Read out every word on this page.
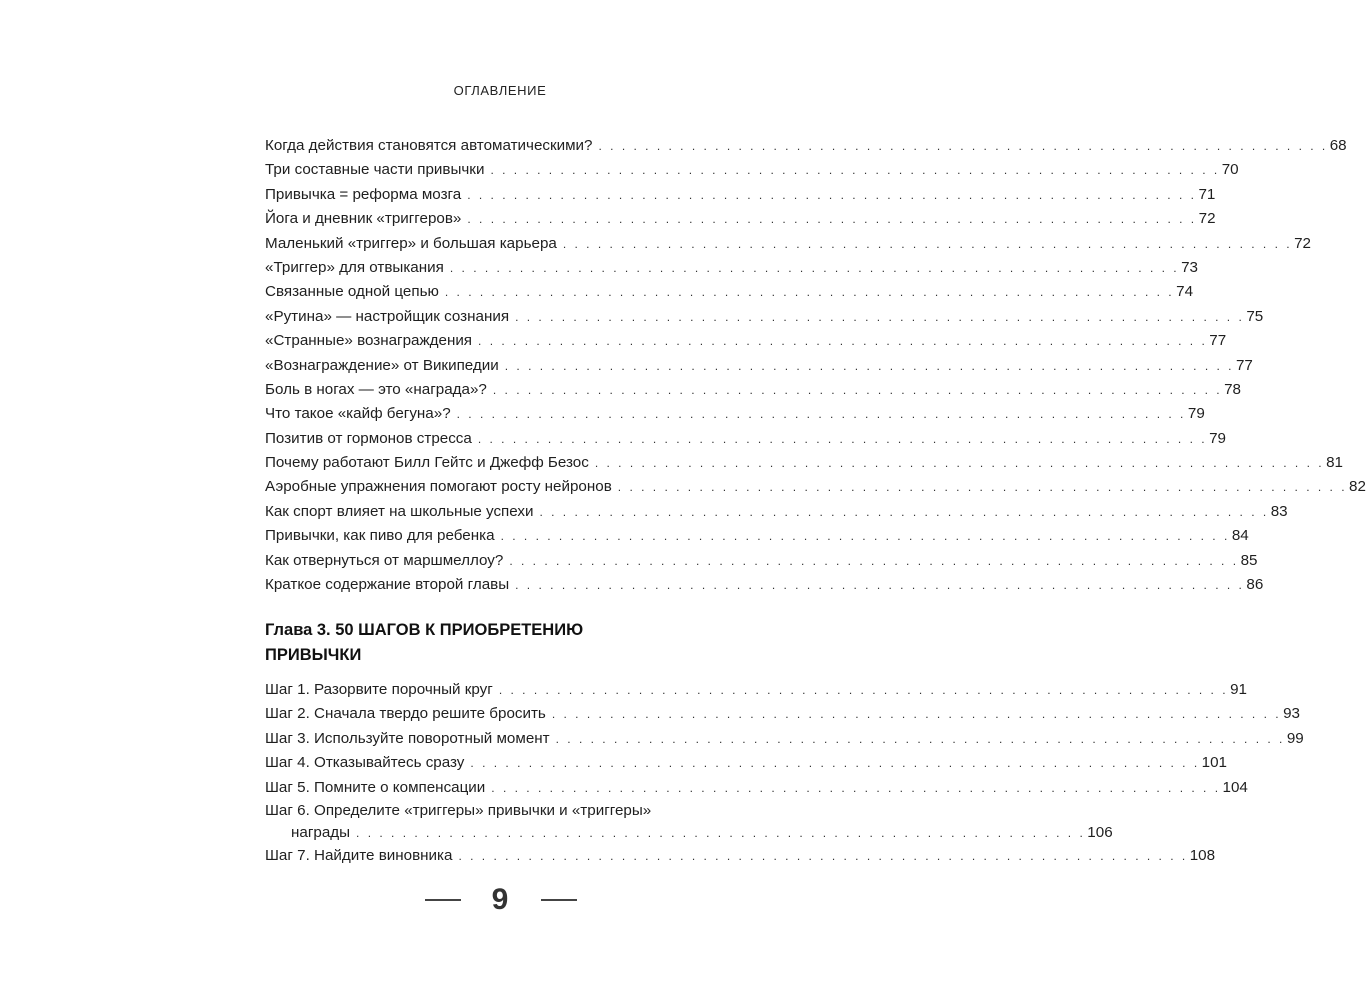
ОГЛАВЛЕНИЕ
Когда действия становятся автоматическими? . . . . . . . . . . . . . . . . . . . . . . . . . . . . . . . . . . . . . . . . . . . . . . . . . . . . . . . . . . . . . . . 68
Три составные части привычки . . . . . . . . . . . . . . . . . . . . . . . . . . . . . . . . . . . . . . . . . . . . . . . . . . . . . . . . . . . . . . . 70
Привычка = реформа мозга . . . . . . . . . . . . . . . . . . . . . . . . . . . . . . . . . . . . . . . . . . . . . . . . . . . . . . . . . . . . . . . 71
Йога и дневник «триггеров» . . . . . . . . . . . . . . . . . . . . . . . . . . . . . . . . . . . . . . . . . . . . . . . . . . . . . . . . . . . . . . . 72
Маленький «триггер» и большая карьера . . . . . . . . . . . . . . . . . . . . . . . . . . . . . . . . . . . . . . . . . . . . . . . . . . . . . . . . . . . . . . . 72
«Триггер» для отвыкания . . . . . . . . . . . . . . . . . . . . . . . . . . . . . . . . . . . . . . . . . . . . . . . . . . . . . . . . . . . . . . . 73
Связанные одной цепью . . . . . . . . . . . . . . . . . . . . . . . . . . . . . . . . . . . . . . . . . . . . . . . . . . . . . . . . . . . . . . . 74
«Рутина» — настройщик сознания . . . . . . . . . . . . . . . . . . . . . . . . . . . . . . . . . . . . . . . . . . . . . . . . . . . . . . . . . . . . . . . 75
«Странные» вознаграждения . . . . . . . . . . . . . . . . . . . . . . . . . . . . . . . . . . . . . . . . . . . . . . . . . . . . . . . . . . . . . . . 77
«Вознаграждение» от Википедии . . . . . . . . . . . . . . . . . . . . . . . . . . . . . . . . . . . . . . . . . . . . . . . . . . . . . . . . . . . . . . . 77
Боль в ногах — это «награда»? . . . . . . . . . . . . . . . . . . . . . . . . . . . . . . . . . . . . . . . . . . . . . . . . . . . . . . . . . . . . . . . 78
Что такое «кайф бегуна»? . . . . . . . . . . . . . . . . . . . . . . . . . . . . . . . . . . . . . . . . . . . . . . . . . . . . . . . . . . . . . . . 79
Позитив от гормонов стресса . . . . . . . . . . . . . . . . . . . . . . . . . . . . . . . . . . . . . . . . . . . . . . . . . . . . . . . . . . . . . . . 79
Почему работают Билл Гейтс и Джефф Безос . . . . . . . . . . . . . . . . . . . . . . . . . . . . . . . . . . . . . . . . . . . . . . . . . . . . . . . . . . . . . . . 81
Аэробные упражнения помогают росту нейронов . . . . . . . . . . . . . . . . . . . . . . . . . . . . . . . . . . . . . . . . . . . . . . . . . . . . . . . . . . . . . . . 82
Как спорт влияет на школьные успехи . . . . . . . . . . . . . . . . . . . . . . . . . . . . . . . . . . . . . . . . . . . . . . . . . . . . . . . . . . . . . . . 83
Привычки, как пиво для ребенка . . . . . . . . . . . . . . . . . . . . . . . . . . . . . . . . . . . . . . . . . . . . . . . . . . . . . . . . . . . . . . . 84
Как отвернуться от маршмеллоу? . . . . . . . . . . . . . . . . . . . . . . . . . . . . . . . . . . . . . . . . . . . . . . . . . . . . . . . . . . . . . . . 85
Краткое содержание второй главы . . . . . . . . . . . . . . . . . . . . . . . . . . . . . . . . . . . . . . . . . . . . . . . . . . . . . . . . . . . . . . . 86
Глава 3. 50 ШАГОВ К ПРИОБРЕТЕНИЮ
ПРИВЫЧКИ
Шаг 1. Разорвите порочный круг . . . . . . . . . . . . . . . . . . . . . . . . . . . . . . . . . . . . . . . . . . . . . . . . . . . . . . . . . . . . . . . 91
Шаг 2. Сначала твердо решите бросить . . . . . . . . . . . . . . . . . . . . . . . . . . . . . . . . . . . . . . . . . . . . . . . . . . . . . . . . . . . . . . . 93
Шаг 3. Используйте поворотный момент . . . . . . . . . . . . . . . . . . . . . . . . . . . . . . . . . . . . . . . . . . . . . . . . . . . . . . . . . . . . . . . 99
Шаг 4. Отказывайтесь сразу . . . . . . . . . . . . . . . . . . . . . . . . . . . . . . . . . . . . . . . . . . . . . . . . . . . . . . . . . . . . . . . 101
Шаг 5. Помните о компенсации . . . . . . . . . . . . . . . . . . . . . . . . . . . . . . . . . . . . . . . . . . . . . . . . . . . . . . . . . . . . . . . 104
Шаг 6. Определите «триггеры» привычки и «триггеры»
награды . . . . . . . . . . . . . . . . . . . . . . . . . . . . . . . . . . . . . . . . . . . . . . . . . . . . . . . . . . . . . . . 106
Шаг 7. Найдите виновника . . . . . . . . . . . . . . . . . . . . . . . . . . . . . . . . . . . . . . . . . . . . . . . . . . . . . . . . . . . . . . . 108
9
